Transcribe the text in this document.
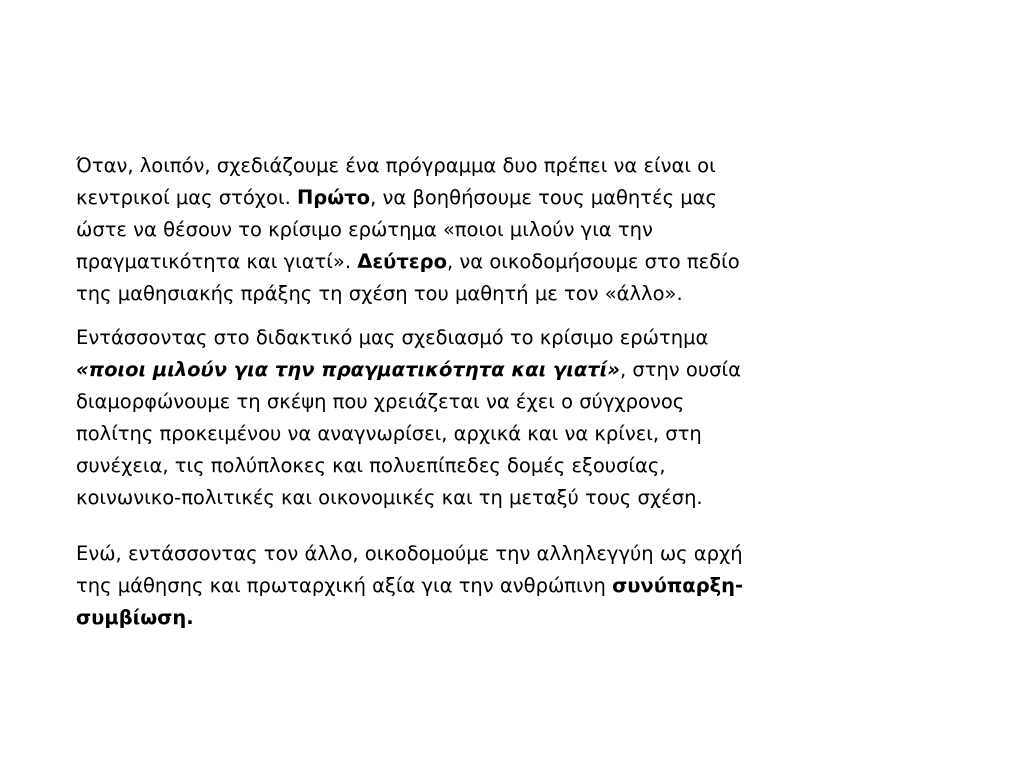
Όταν, λοιπόν, σχεδιάζουμε ένα πρόγραμμα δυο πρέπει να είναι οι
κεντρικοί μας στόχοι. Πρώτο, να βοηθήσουμε τους μαθητές μας
ώστε να θέσουν το κρίσιμο ερώτημα «ποιοι μιλούν για την
πραγματικότητα και γιατί». Δεύτερο, να οικοδομήσουμε στο πεδίο
της μαθησιακής πράξης τη σχέση του μαθητή με τον «άλλο».
Εντάσσοντας στο διδακτικό μας σχεδιασμό το κρίσιμο ερώτημα
«ποιοι μιλούν για την πραγματικότητα και γιατί», στην ουσία
διαμορφώνουμε τη σκέψη που χρειάζεται να έχει ο σύγχρονος
πολίτης προκειμένου να αναγνωρίσει, αρχικά και να κρίνει, στη
συνέχεια, τις πολύπλοκες και πολυεπίπεδες δομές εξουσίας,
κοινωνικο-πολιτικές και οικονομικές και τη μεταξύ τους σχέση.
Ενώ, εντάσσοντας τον άλλο, οικοδομούμε την αλληλεγγύη ως αρχή
της μάθησης και πρωταρχική αξία για την ανθρώπινη συνύπαρξη-
συμβίωση.
